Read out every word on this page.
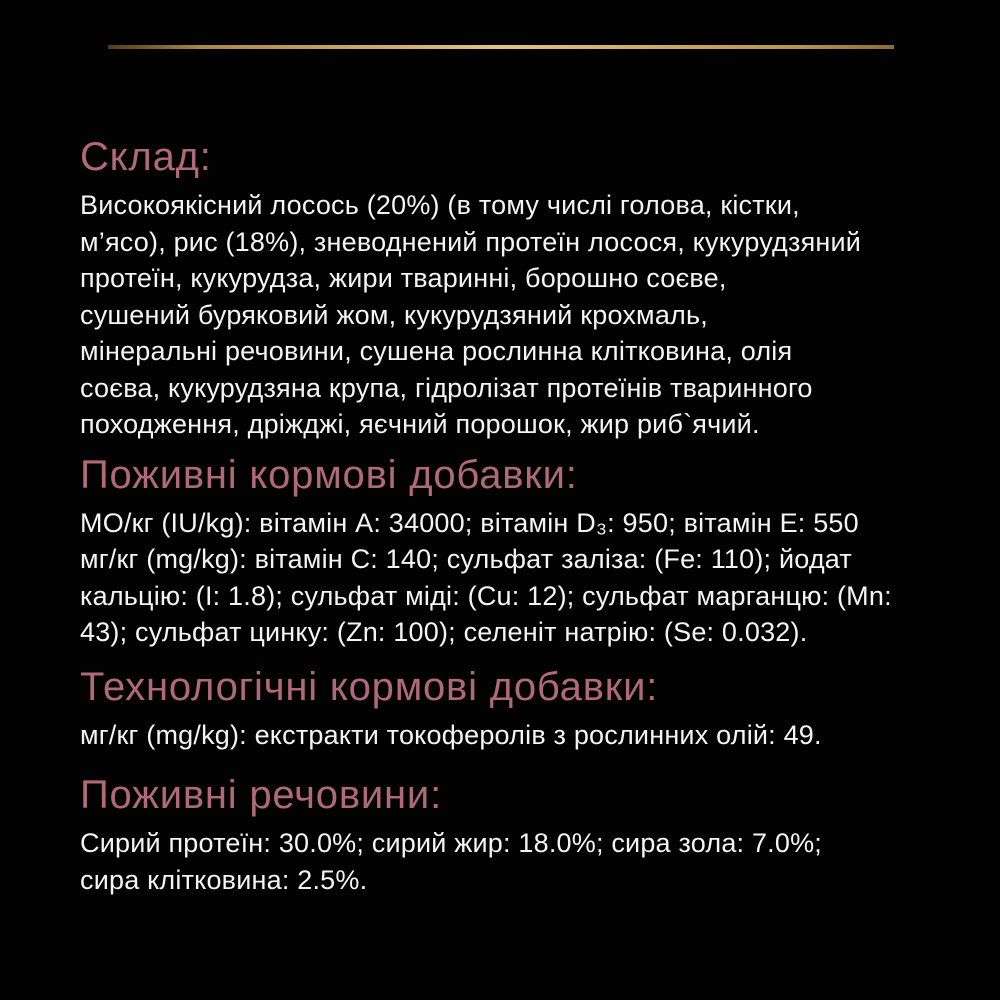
Склад:
Високоякісний лосось (20%) (в тому числі голова, кістки,
м’ясо), рис (18%), зневоднений протеїн лосося, кукурудзяний
протеїн, кукурудза, жири тваринні, борошно соєве,
сушений буряковий жом, кукурудзяний крохмаль,
мінеральні речовини, сушена рослинна клітковина, олія
соєва, кукурудзяна крупа, гідролізат протеїнів тваринного
походження, дріжджі, яєчний порошок, жир риб`ячий.
Поживні кормові добавки:
МО/кг (IU/kg): вітамін А: 34000; вітамін D₃: 950; вітамін Е: 550
мг/кг (mg/kg): вітамін С: 140; сульфат заліза: (Fe: 110); йодат
кальцію: (I: 1.8); сульфат міді: (Cu: 12); сульфат марганцю: (Mn:
43); сульфат цинку: (Zn: 100); селеніт натрію: (Se: 0.032).
Технологічні кормові добавки:
мг/кг (mg/kg): екстракти токоферолів з рослинних олій: 49.
Поживні речовини:
Сирий протеїн: 30.0%; сирий жир: 18.0%; сира зола: 7.0%;
сира клітковина: 2.5%.
